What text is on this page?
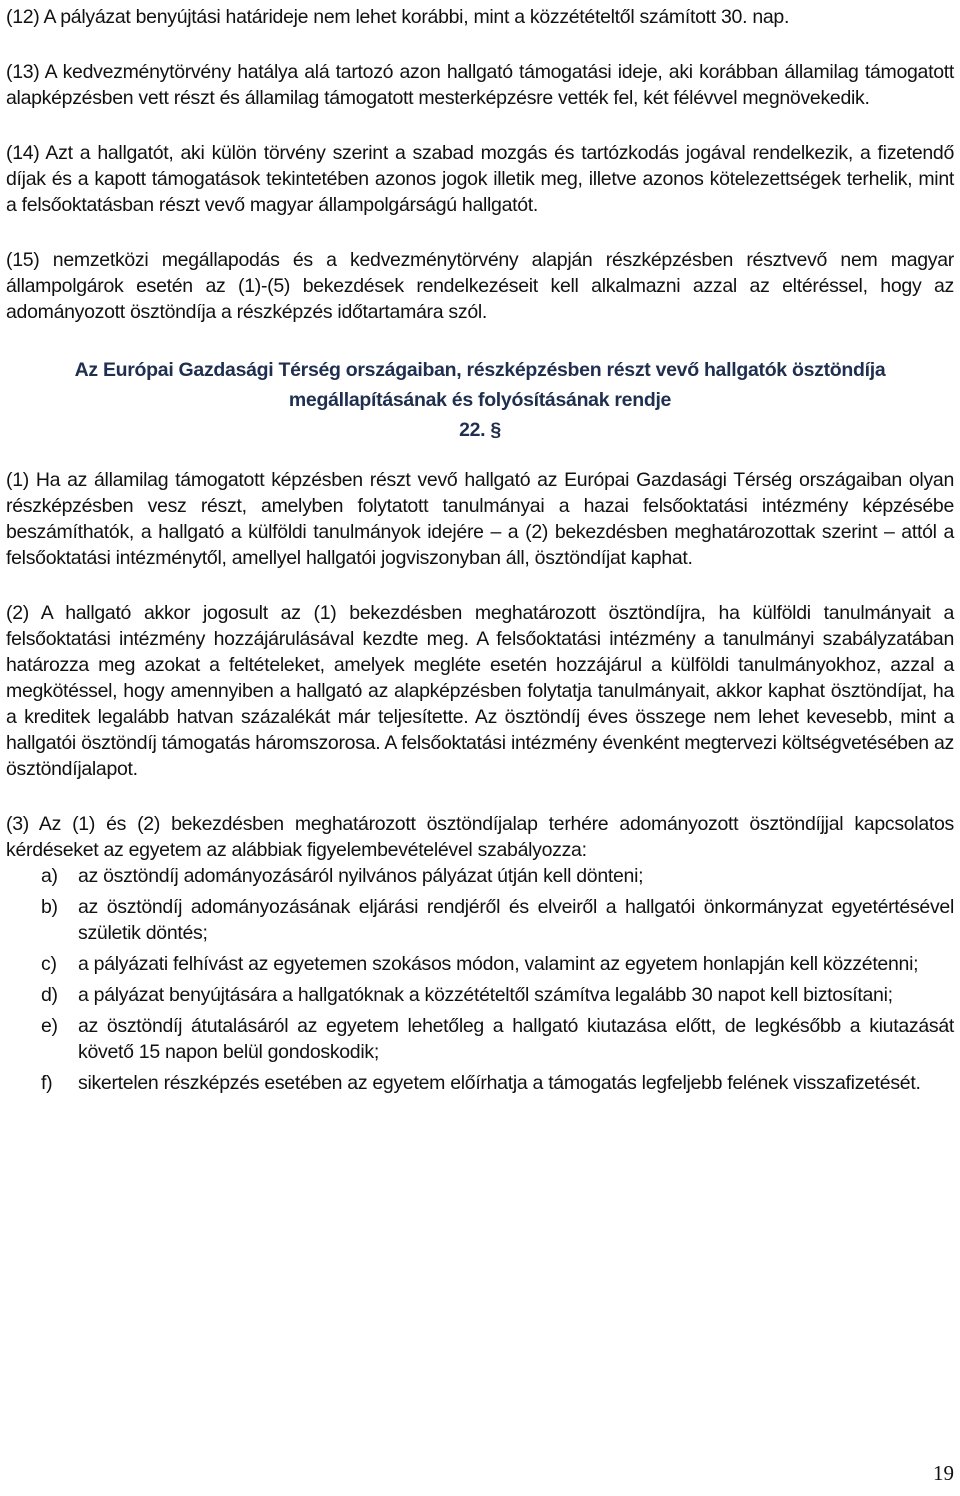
(12) A pályázat benyújtási határideje nem lehet korábbi, mint a közzétételtől számított 30. nap.

(13) A kedvezménytörvény hatálya alá tartozó azon hallgató támogatási ideje, aki korábban államilag támogatott alapképzésben vett részt és államilag támogatott mesterképzésre vették fel, két félévvel megnövekedik.

(14) Azt a hallgatót, aki külön törvény szerint a szabad mozgás és tartózkodás jogával rendelkezik, a fizetendő díjak és a kapott támogatások tekintetében azonos jogok illetik meg, illetve azonos kötelezettségek terhelik, mint a felsőoktatásban részt vevő magyar állampolgárságú hallgatót.

(15) nemzetközi megállapodás és a kedvezménytörvény alapján részképzésben résztvevő nem magyar állampolgárok esetén az (1)-(5) bekezdések rendelkezéseit kell alkalmazni azzal az eltéréssel, hogy az adományozott ösztöndíja a részképzés időtartamára szól.

Az Európai Gazdasági Térség országaiban, részképzésben részt vevő hallgatók ösztöndíja
megállapításának és folyósításának rendje

22. §

(1) Ha az államilag támogatott képzésben részt vevő hallgató az Európai Gazdasági Térség országaiban olyan részképzésben vesz részt, amelyben folytatott tanulmányai a hazai felsőoktatási intézmény képzésébe beszámíthatók, a hallgató a külföldi tanulmányok idejére – a (2) bekezdésben meghatározottak szerint – attól a felsőoktatási intézménytől, amellyel hallgatói jogviszonyban áll, ösztöndíjat kaphat.

(2) A hallgató akkor jogosult az (1) bekezdésben meghatározott ösztöndíjra, ha külföldi tanulmányait a felsőoktatási intézmény hozzájárulásával kezdte meg. A felsőoktatási intézmény a tanulmányi szabályzatában határozza meg azokat a feltételeket, amelyek megléte esetén hozzájárul a külföldi tanulmányokhoz, azzal a megkötéssel, hogy amennyiben a hallgató az alapképzésben folytatja tanulmányait, akkor kaphat ösztöndíjat, ha a kreditek legalább hatvan százalékát már teljesítette. Az ösztöndíj éves összege nem lehet kevesebb, mint a hallgatói ösztöndíj támogatás háromszorosa. A felsőoktatási intézmény évenként megtervezi költségvetésében az ösztöndíjalapot.

(3) Az (1) és (2) bekezdésben meghatározott ösztöndíjalap terhére adományozott ösztöndíjjal kapcsolatos kérdéseket az egyetem az alábbiak figyelembevételével szabályozza:

a)	az ösztöndíj adományozásáról nyilvános pályázat útján kell dönteni;
b)	az ösztöndíj adományozásának eljárási rendjéről és elveiről a hallgatói önkormányzat egyetértésével születik döntés;
c)	a pályázati felhívást az egyetemen szokásos módon, valamint az egyetem honlapján kell közzétenni;
d)	a pályázat benyújtására a hallgatóknak a közzétételtől számítva legalább 30 napot kell biztosítani;
e)	az ösztöndíj átutalásáról az egyetem lehetőleg a hallgató kiutazása előtt, de legkésőbb a kiutazását követő 15 napon belül gondoskodik;
f)	sikertelen részképzés esetében az egyetem előírhatja a támogatás legfeljebb felének visszafizetését.
19
